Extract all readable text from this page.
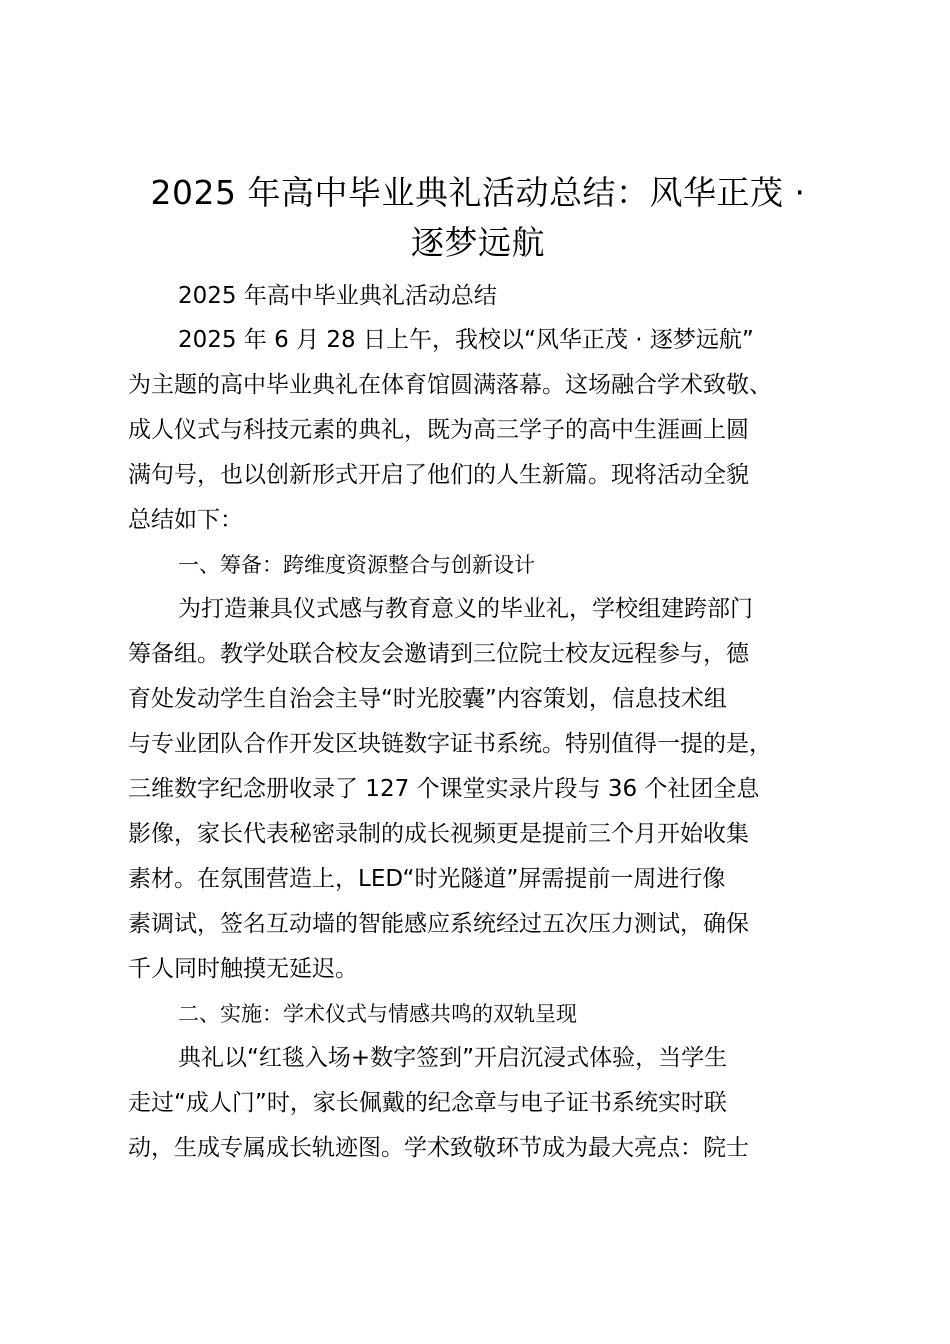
2025 年高中毕业典礼活动总结：风华正茂 ·
逐梦远航

2025 年高中毕业典礼活动总结

2025 年 6 月 28 日上午，我校以“风华正茂 · 逐梦远航”
为主题的高中毕业典礼在体育馆圆满落幕。这场融合学术致敬、
成人仪式与科技元素的典礼，既为高三学子的高中生涯画上圆
满句号，也以创新形式开启了他们的人生新篇。现将活动全貌
总结如下：

一、筹备：跨维度资源整合与创新设计

为打造兼具仪式感与教育意义的毕业礼，学校组建跨部门
筹备组。教学处联合校友会邀请到三位院士校友远程参与，德
育处发动学生自治会主导“时光胶囊”内容策划，信息技术组
与专业团队合作开发区块链数字证书系统。特别值得一提的是，
三维数字纪念册收录了 127 个课堂实录片段与 36 个社团全息
影像，家长代表秘密录制的成长视频更是提前三个月开始收集
素材。在氛围营造上，LED“时光隧道”屏需提前一周进行像
素调试，签名互动墙的智能感应系统经过五次压力测试，确保
千人同时触摸无延迟。

二、实施：学术仪式与情感共鸣的双轨呈现

典礼以“红毯入场+数字签到”开启沉浸式体验，当学生
走过“成人门”时，家长佩戴的纪念章与电子证书系统实时联
动，生成专属成长轨迹图。学术致敬环节成为最大亮点：院士
